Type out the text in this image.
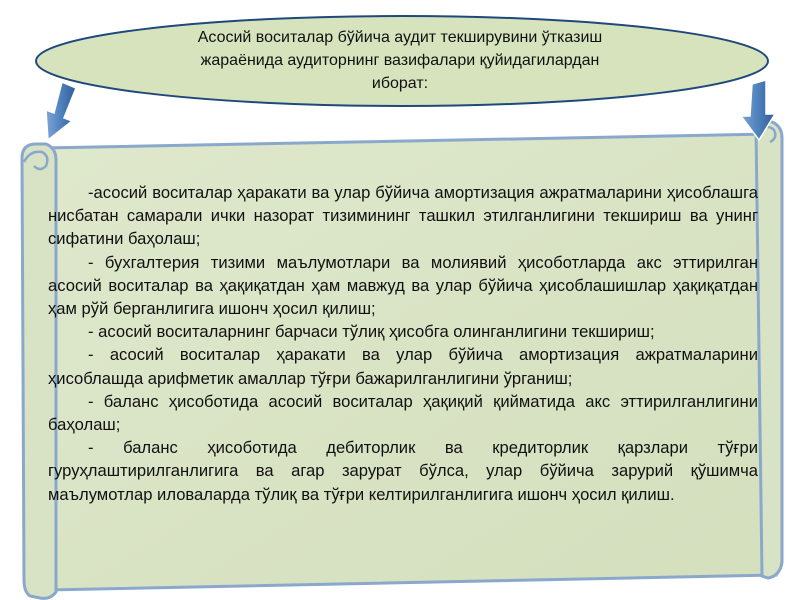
Асосий воситалар бўйича аудит текширувини ўтказиш
жараёнида аудиторнинг вазифалари қуйидагилардан
иборат:

-асосий воситалар ҳаракати ва улар бўйича амортизация ажратмаларини ҳисоблашга нисбатан самарали ички назорат тизимининг ташкил этилганлигини текшириш ва унинг сифатини баҳолаш;

- бухгалтерия тизими маълумотлари ва молиявий ҳисоботларда акс эттирилган асосий воситалар ва ҳақиқатдан ҳам мавжуд ва улар бўйича ҳисоблашишлар ҳақиқатдан ҳам рўй берганлигига ишонч ҳосил қилиш;

- асосий воситаларнинг барчаси тўлиқ ҳисобга олинганлигини текшириш;

- асосий воситалар ҳаракати ва улар бўйича амортизация ажратмаларини ҳисоблашда арифметик амаллар тўғри бажарилганлигини ўрганиш;

- баланс ҳисоботида асосий воситалар ҳақиқий қийматида акс эттирилганлигини баҳолаш;

- баланс ҳисоботида дебиторлик ва кредиторлик қарзлари тўғри гуруҳлаштирилганлигига ва агар зарурат бўлса, улар бўйича зарурий қўшимча маълумотлар иловаларда тўлиқ ва тўғри келтирилганлигига ишонч ҳосил қилиш.
